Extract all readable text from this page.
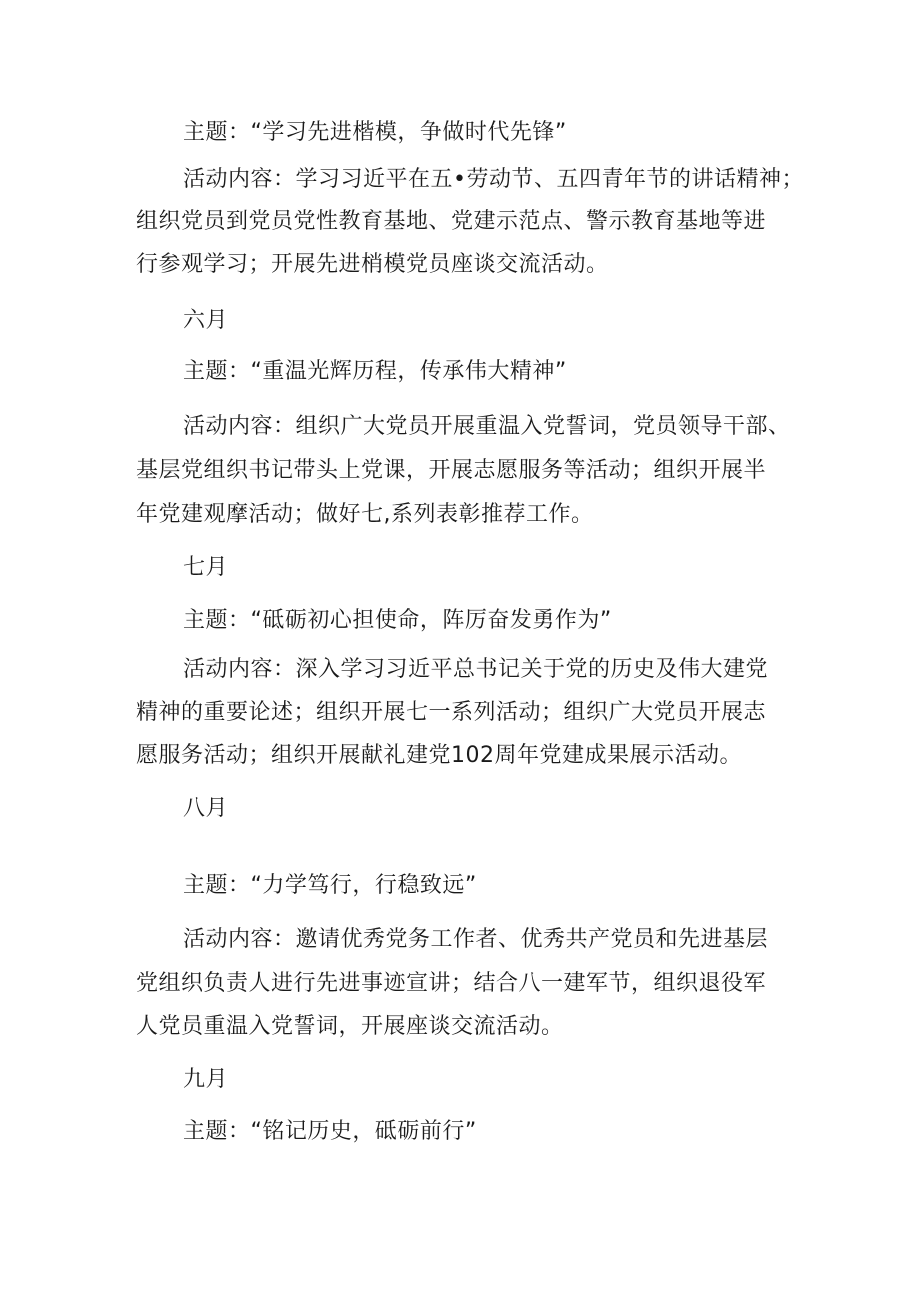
主题：“学习先进楷模，争做时代先锋”
活动内容：学习习近平在五•劳动节、五四青年节的讲话精神；
组织党员到党员党性教育基地、党建示范点、警示教育基地等进
行参观学习；开展先进梢模党员座谈交流活动。
六月
主题：“重温光辉历程，传承伟大精神”
活动内容：组织广大党员开展重温入党誓词，党员领导干部、
基层党组织书记带头上党课，开展志愿服务等活动；组织开展半
年党建观摩活动；做好七,系列表彰推荐工作。
七月
主题：“砥砺初心担使命，阵厉奋发勇作为”
活动内容：深入学习习近平总书记关于党的历史及伟大建党
精神的重要论述；组织开展七一系列活动；组织广大党员开展志
愿服务活动；组织开展献礼建党102周年党建成果展示活动。
八月
主题：“力学笃行，行稳致远”
活动内容：邀请优秀党务工作者、优秀共产党员和先进基层
党组织负责人进行先进事迹宣讲；结合八一建军节，组织退役军
人党员重温入党誓词，开展座谈交流活动。
九月
主题：“铭记历史，砥砺前行”
